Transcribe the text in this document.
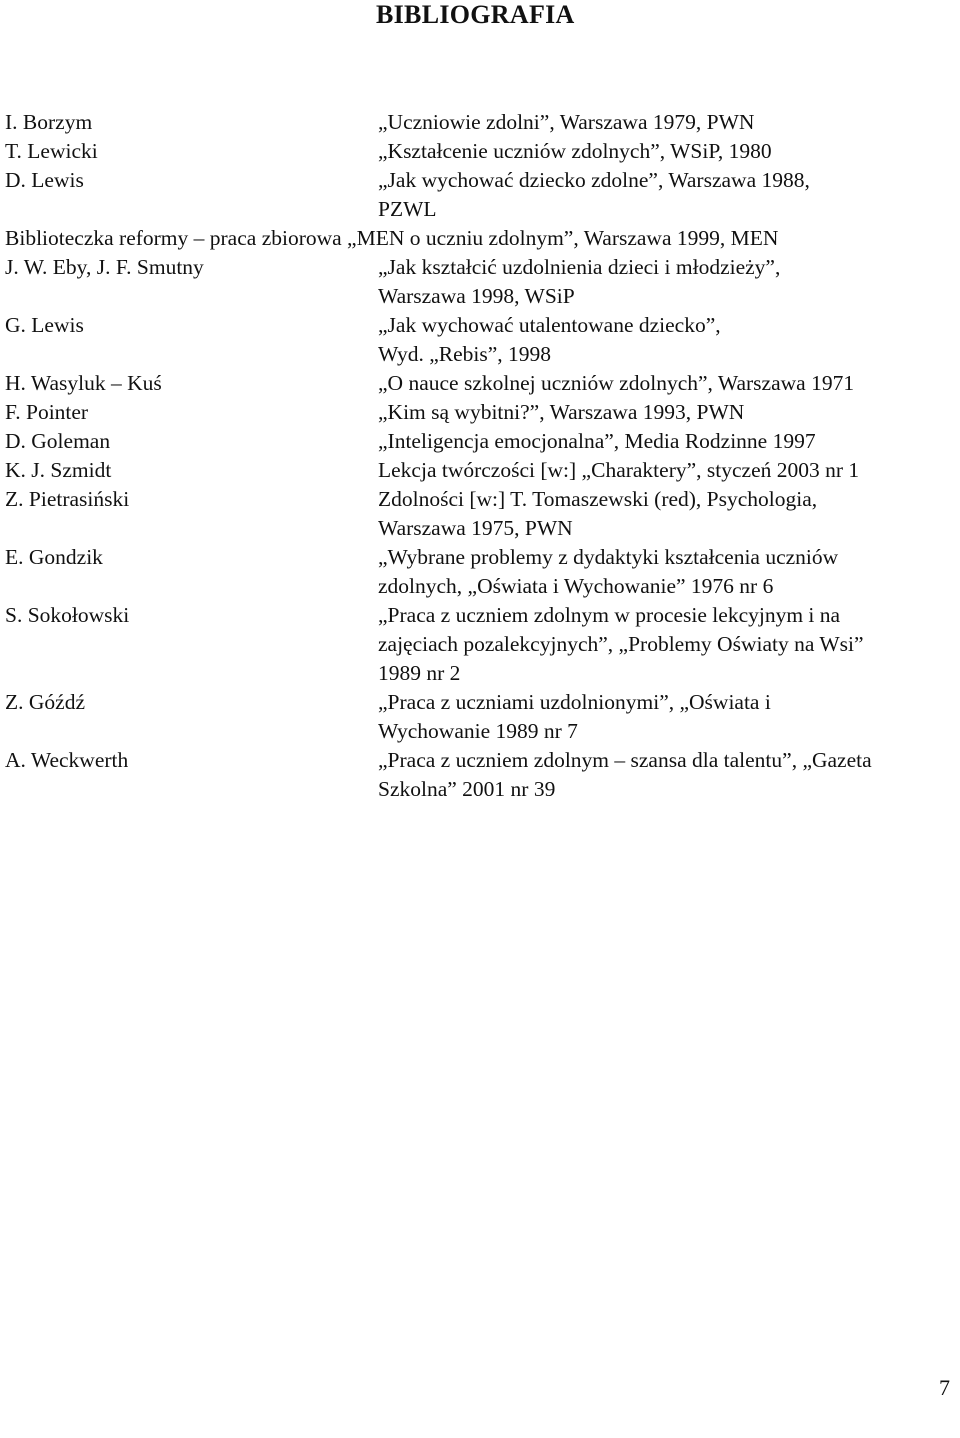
BIBLIOGRAFIA
I. Borzym	„Uczniowie zdolni”, Warszawa 1979, PWN
T. Lewicki	„Kształcenie uczniów zdolnych”, WSiP, 1980
D. Lewis	„Jak wychować dziecko zdolne”, Warszawa 1988,
PZWL
Biblioteczka reformy – praca zbiorowa „MEN o uczniu zdolnym”, Warszawa 1999, MEN
J. W. Eby, J. F. Smutny	„Jak kształcić uzdolnienia dzieci i młodzieży”,
Warszawa 1998, WSiP
G. Lewis	„Jak wychować utalentowane dziecko”,
Wyd. „Rebis”, 1998
H. Wasyluk – Kuś	„O nauce szkolnej uczniów zdolnych”, Warszawa 1971
F. Pointer	„Kim są wybitni?”, Warszawa 1993, PWN
D. Goleman	„Inteligencja emocjonalna”, Media Rodzinne 1997
K. J. Szmidt	Lekcja twórczości [w:] „Charaktery”, styczeń 2003 nr 1
Z. Pietrasiński	Zdolności [w:] T. Tomaszewski (red), Psychologia,
Warszawa 1975, PWN
E. Gondzik	„Wybrane problemy z dydaktyki kształcenia uczniów
zdolnych, „Oświata i Wychowanie” 1976 nr 6
S. Sokołowski	„Praca z uczniem zdolnym w procesie lekcyjnym i na
zajęciach pozalekcyjnych”, „Problemy Oświaty na Wsi”
1989 nr 2
Z. Góźdź	„Praca z uczniami uzdolnionymi”, „Oświata i
Wychowanie 1989 nr 7
A. Weckwerth	„Praca z uczniem zdolnym – szansa dla talentu”, „Gazeta
Szkolna” 2001 nr 39
7
